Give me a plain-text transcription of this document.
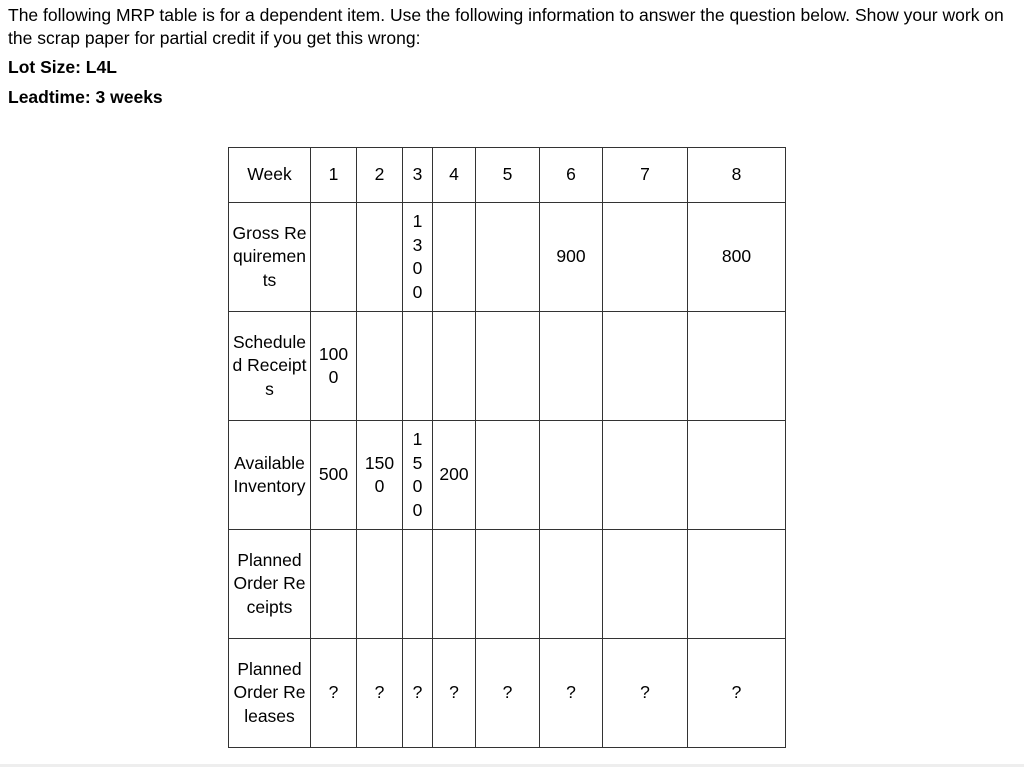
The following MRP table is for a dependent item. Use the following information to answer the question below. Show your work on the scrap paper for partial credit if you get this wrong:
Lot Size: L4L
Leadtime: 3 weeks
Week	1	2	3	4	5	6	7	8
Gross Requirements			1300			900		800
Scheduled Receipts	1000							
Available Inventory	500	1500	1500	200				
Planned Order Receipts								
Planned Order Releases	?	?	?	?	?	?	?	?
